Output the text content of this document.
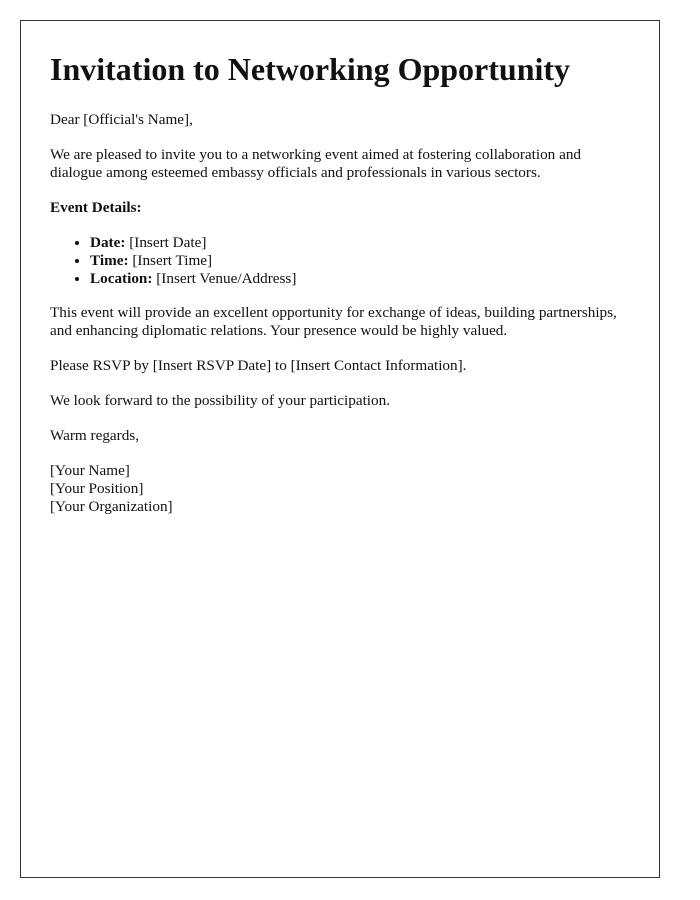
Invitation to Networking Opportunity

Dear [Official's Name],

We are pleased to invite you to a networking event aimed at fostering collaboration and dialogue among esteemed embassy officials and professionals in various sectors.

Event Details:

• Date: [Insert Date]
• Time: [Insert Time]
• Location: [Insert Venue/Address]

This event will provide an excellent opportunity for exchange of ideas, building partnerships, and enhancing diplomatic relations. Your presence would be highly valued.

Please RSVP by [Insert RSVP Date] to [Insert Contact Information].

We look forward to the possibility of your participation.

Warm regards,

[Your Name]
[Your Position]
[Your Organization]
